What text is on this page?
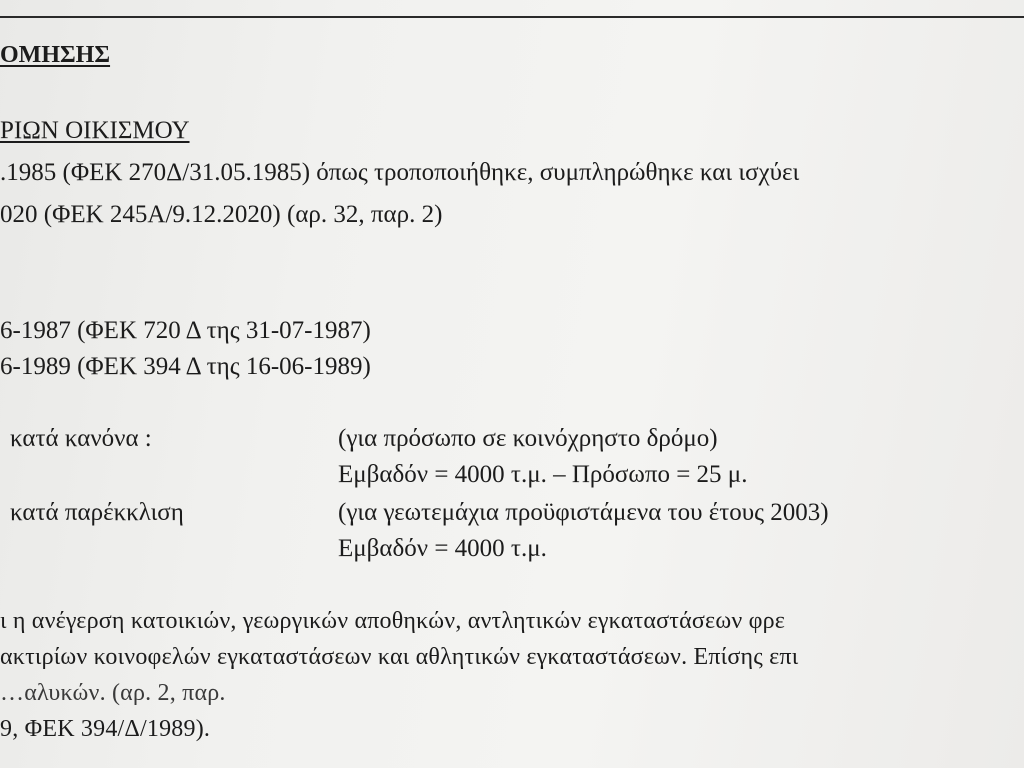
ΟΜΗΣΗΣ
ΡΙΩΝ ΟΙΚΙΣΜΟΥ
.1985 (ΦΕΚ 270Δ/31.05.1985) όπως τροποποιήθηκε, συμπληρώθηκε και ισχύει
020 (ΦΕΚ 245Α/9.12.2020) (αρ. 32, παρ. 2)
6-1987 (ΦΕΚ 720 Δ της 31-07-1987)
6-1989 (ΦΕΚ 394 Δ της 16-06-1989)
κατά κανόνα :	(για πρόσωπο σε κοινόχρηστο δρόμο)
Εμβαδόν = 4000 τ.μ. – Πρόσωπο = 25 μ.
κατά παρέκκλιση	(για γεωτεμάχια προϋφιστάμενα του έτους 2003)
Εμβαδόν = 4000 τ.μ.
ι η ανέγερση κατοικιών, γεωργικών αποθηκών, αντλητικών εγκαταστάσεων φρε
ακτιρίων κοινοφελών εγκαταστάσεων και αθλητικών εγκαταστάσεων. Επίσης επι
…αλυκών. (αρ. 2, παρ.
9, ΦΕΚ 394/Δ/1989).
